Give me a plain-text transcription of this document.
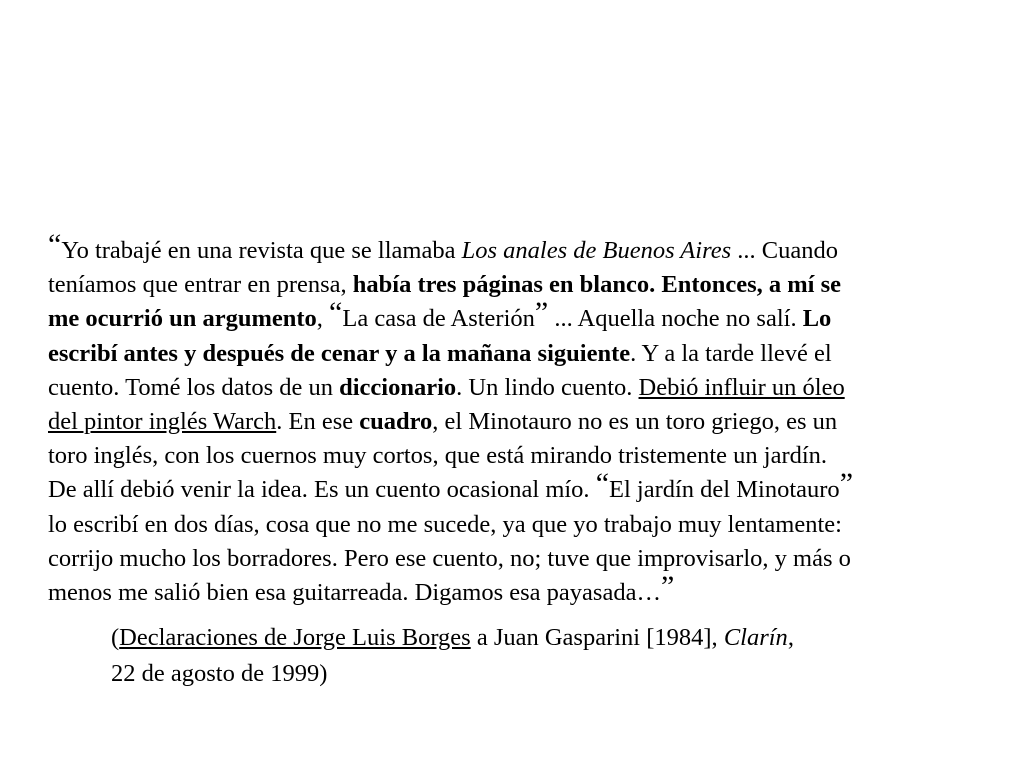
“Yo trabajé en una revista que se llamaba Los anales de Buenos Aires ... Cuando
teníamos que entrar en prensa, había tres páginas en blanco. Entonces, a mí se
me ocurrió un argumento, “La casa de Asterión” ... Aquella noche no salí. Lo
escribí antes y después de cenar y a la mañana siguiente. Y a la tarde llevé el
cuento. Tomé los datos de un diccionario. Un lindo cuento. Debió influir un óleo
del pintor inglés Warch. En ese cuadro, el Minotauro no es un toro griego, es un
toro inglés, con los cuernos muy cortos, que está mirando tristemente un jardín.
De allí debió venir la idea. Es un cuento ocasional mío. “El jardín del Minotauro”
lo escribí en dos días, cosa que no me sucede, ya que yo trabajo muy lentamente:
corrijo mucho los borradores. Pero ese cuento, no; tuve que improvisarlo, y más o
menos me salió bien esa guitarreada. Digamos esa payasada…”

(Declaraciones de Jorge Luis Borges a Juan Gasparini [1984], Clarín,
22 de agosto de 1999)
